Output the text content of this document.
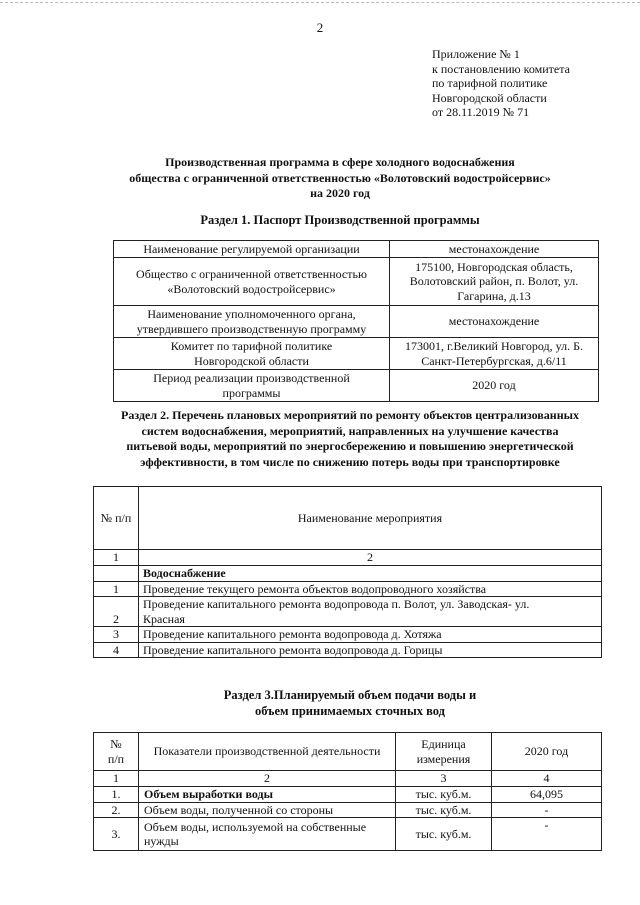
2
Приложение № 1
к постановлению комитета
по тарифной политике
Новгородской области
от 28.11.2019 № 71
Производственная программа в сфере холодного водоснабжения
общества с ограниченной ответственностью «Волотовский водостройсервис»
на 2020 год
Раздел 1. Паспорт Производственной программы
Наименование регулируемой организации	местонахождение
Общество с ограниченной ответственностью
«Волотовский водостройсервис»	175100, Новгородская область,
Волотовский район, п. Волот, ул.
Гагарина, д.13
Наименование уполномоченного органа,
утвердившего производственную программу	местонахождение
Комитет по тарифной политике
Новгородской области	173001, г.Великий Новгород, ул. Б.
Санкт-Петербургская, д.6/11
Период реализации производственной
программы	2020 год
Раздел 2. Перечень плановых мероприятий по ремонту объектов централизованных
систем водоснабжения, мероприятий, направленных на улучшение качества
питьевой воды, мероприятий по энергосбережению и повышению энергетической
эффективности, в том числе по снижению потерь воды при транспортировке
№ п/п	Наименование мероприятия
1	2
	Водоснабжение
1	Проведение текущего ремонта объектов водопроводного хозяйства
2	Проведение капитального ремонта водопровода п. Волот, ул. Заводская- ул.
Красная
3	Проведение капитального ремонта водопровода д. Хотяжа
4	Проведение капитального ремонта водопровода д. Горицы
Раздел 3.Планируемый объем подачи воды и
объем принимаемых сточных вод
№
п/п	Показатели производственной деятельности	Единица
измерения	2020 год
1	2	3	4
1.	Объем выработки воды	тыс. куб.м.	64,095
2.	Объем воды, полученной со стороны	тыс. куб.м.	-
3.	Объем воды, используемой на собственные
нужды	тыс. куб.м.	-
